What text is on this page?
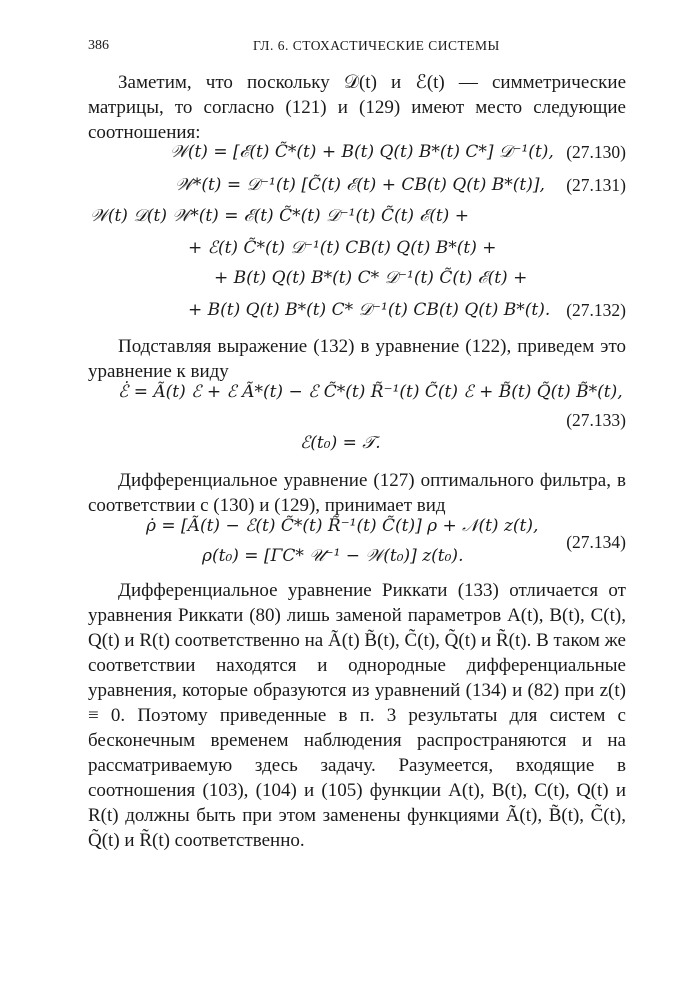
386	ГЛ. 6. СТОХАСТИЧЕСКИЕ СИСТЕМЫ

Заметим, что поскольку 𝒟(t) и ℰ(t) — симметрические матрицы, то согласно (121) и (129) имеют место следующие соотношения:

𝒲(t) = [ℰ(t) C̃*(t) + B(t) Q(t) B*(t) C*] 𝒟⁻¹(t), (27.130)
𝒲*(t) = 𝒟⁻¹(t) [C̃(t) ℰ(t) + CB(t) Q(t) B*(t)], (27.131)
𝒲(t) 𝒟(t) 𝒲*(t) = ℰ(t) C̃*(t) 𝒟⁻¹(t) C̃(t) ℰ(t) +
+ ℰ(t) C̃*(t) 𝒟⁻¹(t) CB(t) Q(t) B*(t) +
+ B(t) Q(t) B*(t) C* 𝒟⁻¹(t) C̃(t) ℰ(t) +
+ B(t) Q(t) B*(t) C* 𝒟⁻¹(t) CB(t) Q(t) B*(t). (27.132)

Подставляя выражение (132) в уравнение (122), приведем это уравнение к виду

ℰ̇ = Ã(t) ℰ + ℰ Ã*(t) − ℰ C̃*(t) R̃⁻¹(t) C̃(t) ℰ + B̃(t) Q̃(t) B̃*(t),
(27.133)
ℰ(t₀) = 𝒯.

Дифференциальное уравнение (127) оптимального фильтра, в соответствии с (130) и (129), принимает вид

ρ̇ = [Ã(t) − ℰ(t) C̃*(t) R̃⁻¹(t) C̃(t)] ρ + 𝒩(t) z(t),
ρ(t₀) = [ΓC* 𝒰⁻¹ − 𝒲(t₀)] z(t₀).
(27.134)

Дифференциальное уравнение Риккати (133) отличается от уравнения Риккати (80) лишь заменой параметров A(t), B(t), C(t), Q(t) и R(t) соответственно на Ã(t) B̃(t), C̃(t), Q̃(t) и R̃(t). В таком же соответствии находятся и однородные дифференциальные уравнения, которые образуются из уравнений (134) и (82) при z(t) ≡ 0. Поэтому приведенные в п. 3 результаты для систем с бесконечным временем наблюдения распространяются и на рассматриваемую здесь задачу. Разумеется, входящие в соотношения (103), (104) и (105) функции A(t), B(t), C(t), Q(t) и R(t) должны быть при этом заменены функциями Ã(t), B̃(t), C̃(t), Q̃(t) и R̃(t) соответственно.
